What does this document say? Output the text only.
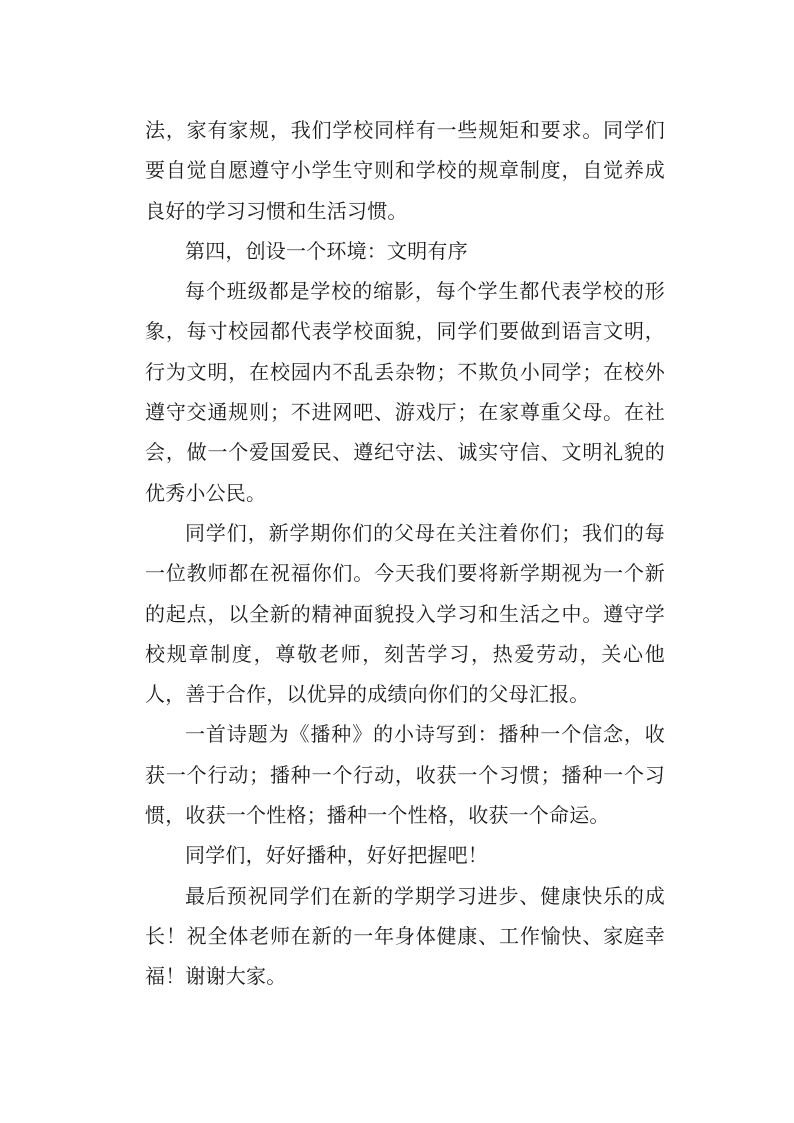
法，家有家规，我们学校同样有一些规矩和要求。同学们要自觉自愿遵守小学生守则和学校的规章制度，自觉养成良好的学习习惯和生活习惯。

第四，创设一个环境：文明有序

每个班级都是学校的缩影，每个学生都代表学校的形象，每寸校园都代表学校面貌，同学们要做到语言文明，行为文明，在校园内不乱丢杂物；不欺负小同学；在校外遵守交通规则；不进网吧、游戏厅；在家尊重父母。在社会，做一个爱国爱民、遵纪守法、诚实守信、文明礼貌的优秀小公民。

同学们，新学期你们的父母在关注着你们；我们的每一位教师都在祝福你们。今天我们要将新学期视为一个新的起点，以全新的精神面貌投入学习和生活之中。遵守学校规章制度，尊敬老师，刻苦学习，热爱劳动，关心他人，善于合作，以优异的成绩向你们的父母汇报。

一首诗题为《播种》的小诗写到：播种一个信念，收获一个行动；播种一个行动，收获一个习惯；播种一个习惯，收获一个性格；播种一个性格，收获一个命运。

同学们，好好播种，好好把握吧！

最后预祝同学们在新的学期学习进步、健康快乐的成长！祝全体老师在新的一年身体健康、工作愉快、家庭幸福！谢谢大家。
